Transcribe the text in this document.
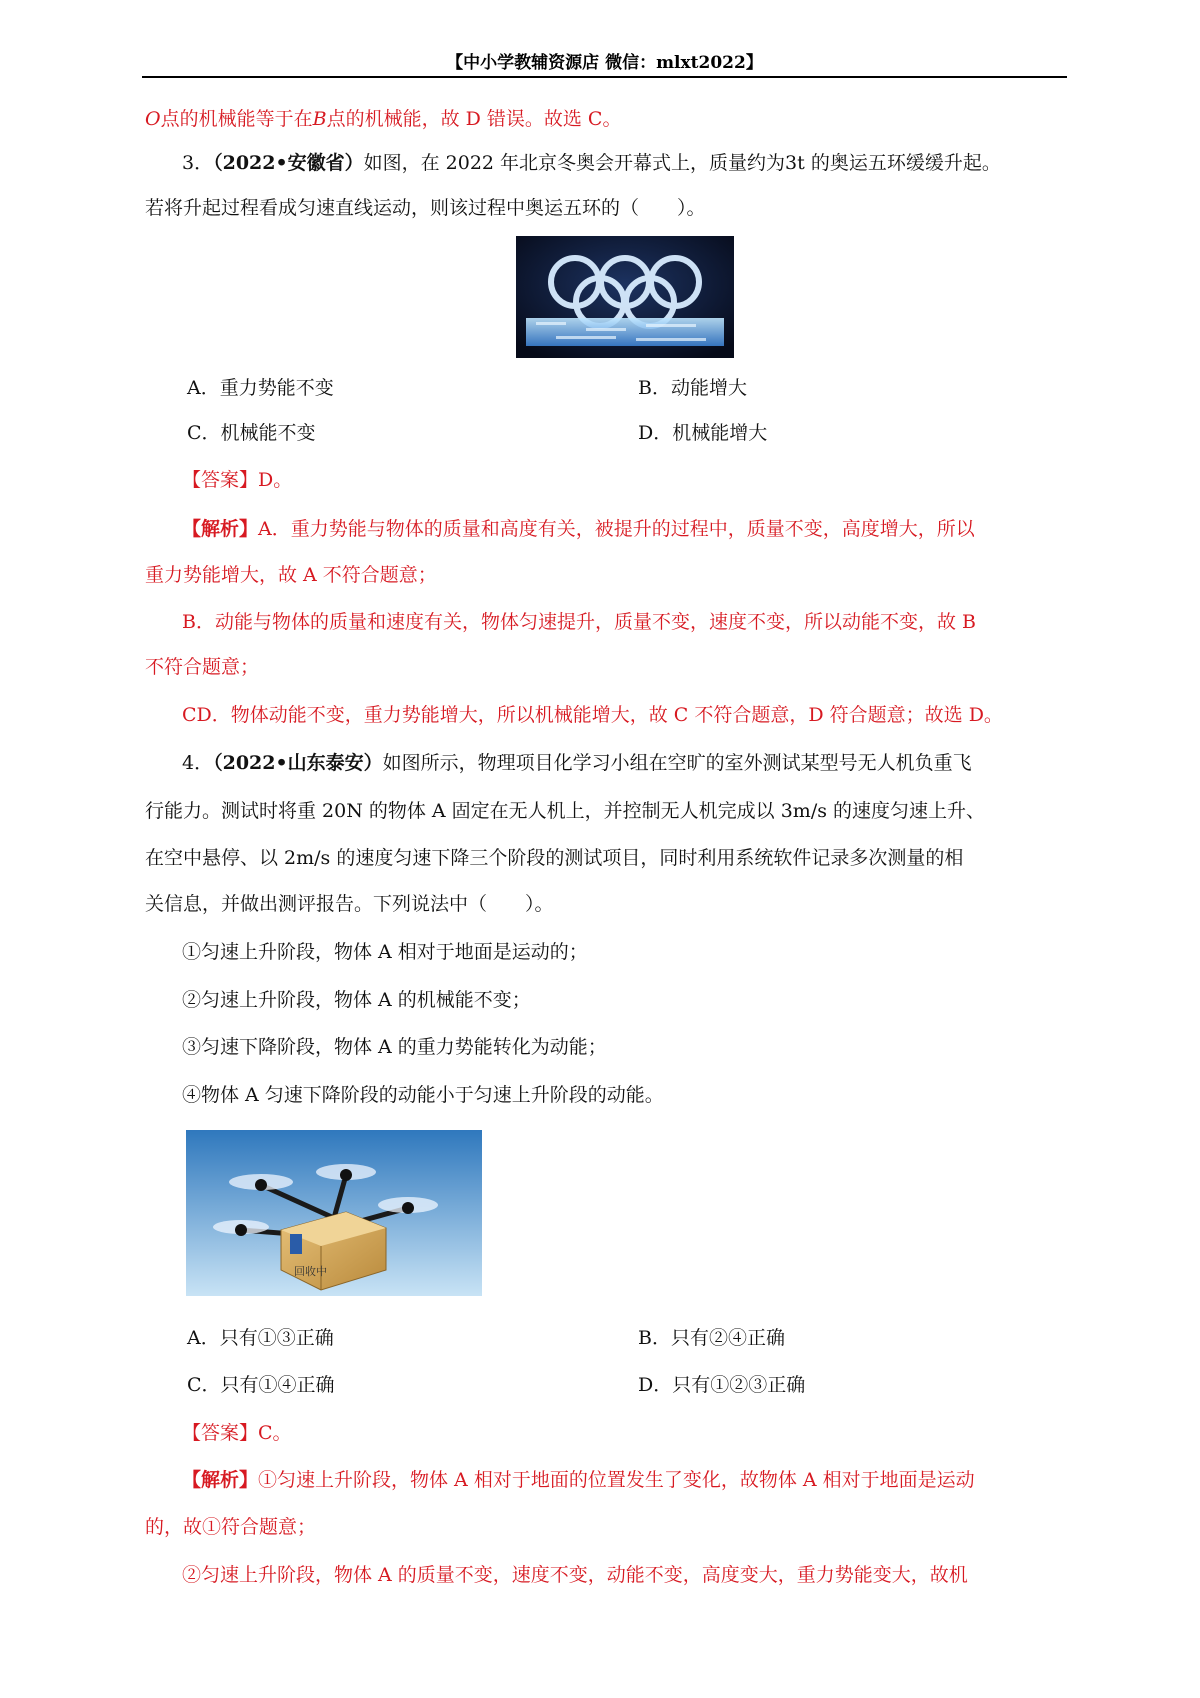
【中小学教辅资源店 微信：mlxt2022】
O点的机械能等于在B点的机械能，故 D 错误。故选 C。
3．（2022•安徽省）如图，在 2022 年北京冬奥会开幕式上，质量约为3t 的奥运五环缓缓升起。
若将升起过程看成匀速直线运动，则该过程中奥运五环的（　　）。
A．重力势能不变	B．动能增大
C．机械能不变	D．机械能增大
【答案】D。
【解析】A．重力势能与物体的质量和高度有关，被提升的过程中，质量不变，高度增大，所以
重力势能增大，故 A 不符合题意；
B．动能与物体的质量和速度有关，物体匀速提升，质量不变，速度不变，所以动能不变，故 B
不符合题意；
CD．物体动能不变，重力势能增大，所以机械能增大，故 C 不符合题意，D 符合题意；故选 D。
4．（2022•山东泰安）如图所示，物理项目化学习小组在空旷的室外测试某型号无人机负重飞
行能力。测试时将重 20N 的物体 A 固定在无人机上，并控制无人机完成以 3m/s 的速度匀速上升、
在空中悬停、以 2m/s 的速度匀速下降三个阶段的测试项目，同时利用系统软件记录多次测量的相
关信息，并做出测评报告。下列说法中（　　）。
①匀速上升阶段，物体 A 相对于地面是运动的；
②匀速上升阶段，物体 A 的机械能不变；
③匀速下降阶段，物体 A 的重力势能转化为动能；
④物体 A 匀速下降阶段的动能小于匀速上升阶段的动能。
回收中
A．只有①③正确	B．只有②④正确
C．只有①④正确	D．只有①②③正确
【答案】C。
【解析】①匀速上升阶段，物体 A 相对于地面的位置发生了变化，故物体 A 相对于地面是运动
的，故①符合题意；
②匀速上升阶段，物体 A 的质量不变，速度不变，动能不变，高度变大，重力势能变大，故机
